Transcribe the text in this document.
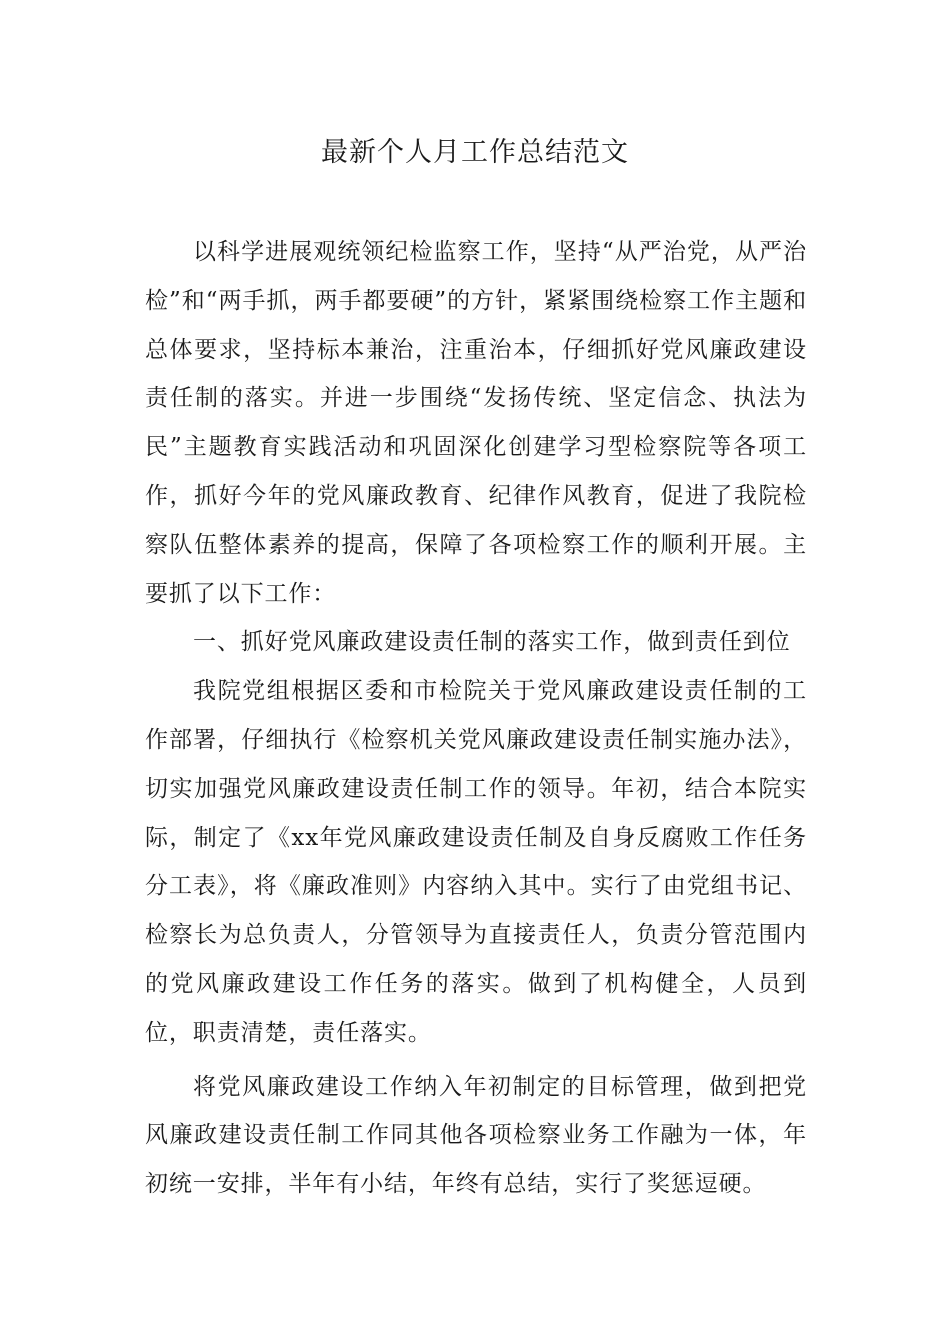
最新个人月工作总结范文

以科学进展观统领纪检监察工作，坚持“从严治党，从严治检”和“两手抓，两手都要硬”的方针，紧紧围绕检察工作主题和总体要求，坚持标本兼治，注重治本，仔细抓好党风廉政建设责任制的落实。并进一步围绕“发扬传统、坚定信念、执法为民”主题教育实践活动和巩固深化创建学习型检察院等各项工作，抓好今年的党风廉政教育、纪律作风教育，促进了我院检察队伍整体素养的提高，保障了各项检察工作的顺利开展。主要抓了以下工作：

一、抓好党风廉政建设责任制的落实工作，做到责任到位

我院党组根据区委和市检院关于党风廉政建设责任制的工作部署，仔细执行《检察机关党风廉政建设责任制实施办法》，切实加强党风廉政建设责任制工作的领导。年初，结合本院实际，制定了《xx年党风廉政建设责任制及自身反腐败工作任务分工表》，将《廉政准则》内容纳入其中。实行了由党组书记、检察长为总负责人，分管领导为直接责任人，负责分管范围内的党风廉政建设工作任务的落实。做到了机构健全，人员到位，职责清楚，责任落实。

将党风廉政建设工作纳入年初制定的目标管理，做到把党风廉政建设责任制工作同其他各项检察业务工作融为一体，年初统一安排，半年有小结，年终有总结，实行了奖惩逗硬。
